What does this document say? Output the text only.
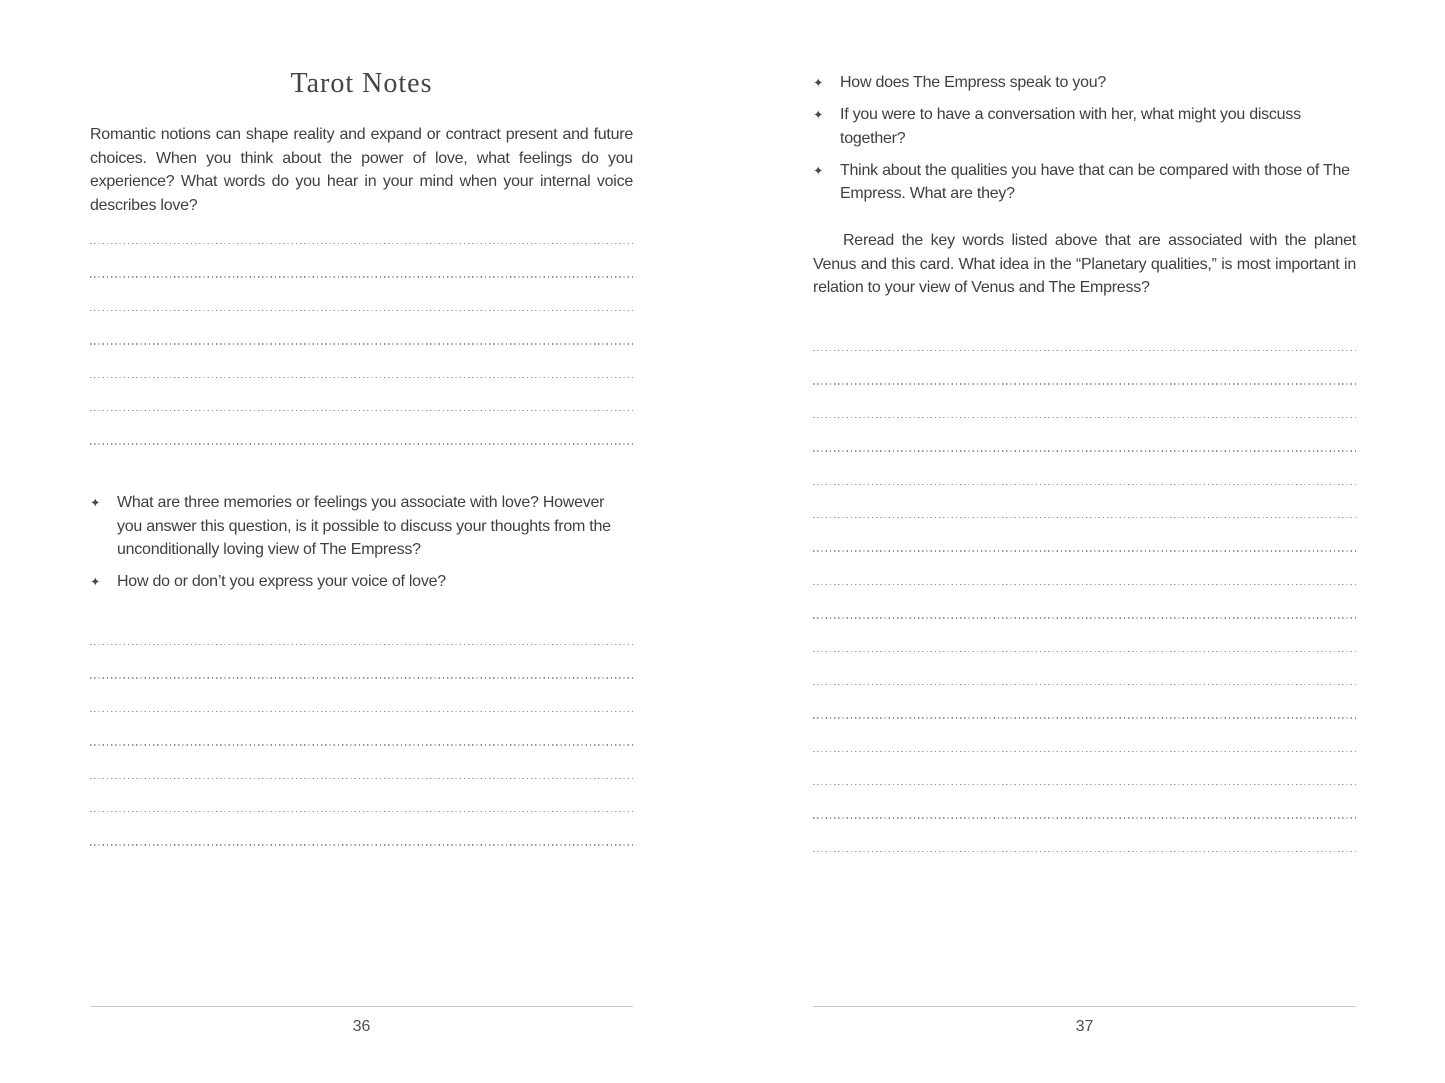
Tarot Notes

Romantic notions can shape reality and expand or contract present and future choices. When you think about the power of love, what feelings do you experience? What words do you hear in your mind when your internal voice describes love?

✦	What are three memories or feelings you associate with love? However you answer this question, is it possible to discuss your thoughts from the unconditionally loving view of The Empress?
✦	How do or don’t you express your voice of love?
36
✦	How does The Empress speak to you?
✦	If you were to have a conversation with her, what might you discuss together?
✦	Think about the qualities you have that can be compared with those of The Empress. What are they?

Reread the key words listed above that are associated with the planet Venus and this card. What idea in the “Planetary qualities,” is most important in relation to your view of Venus and The Empress?

37
